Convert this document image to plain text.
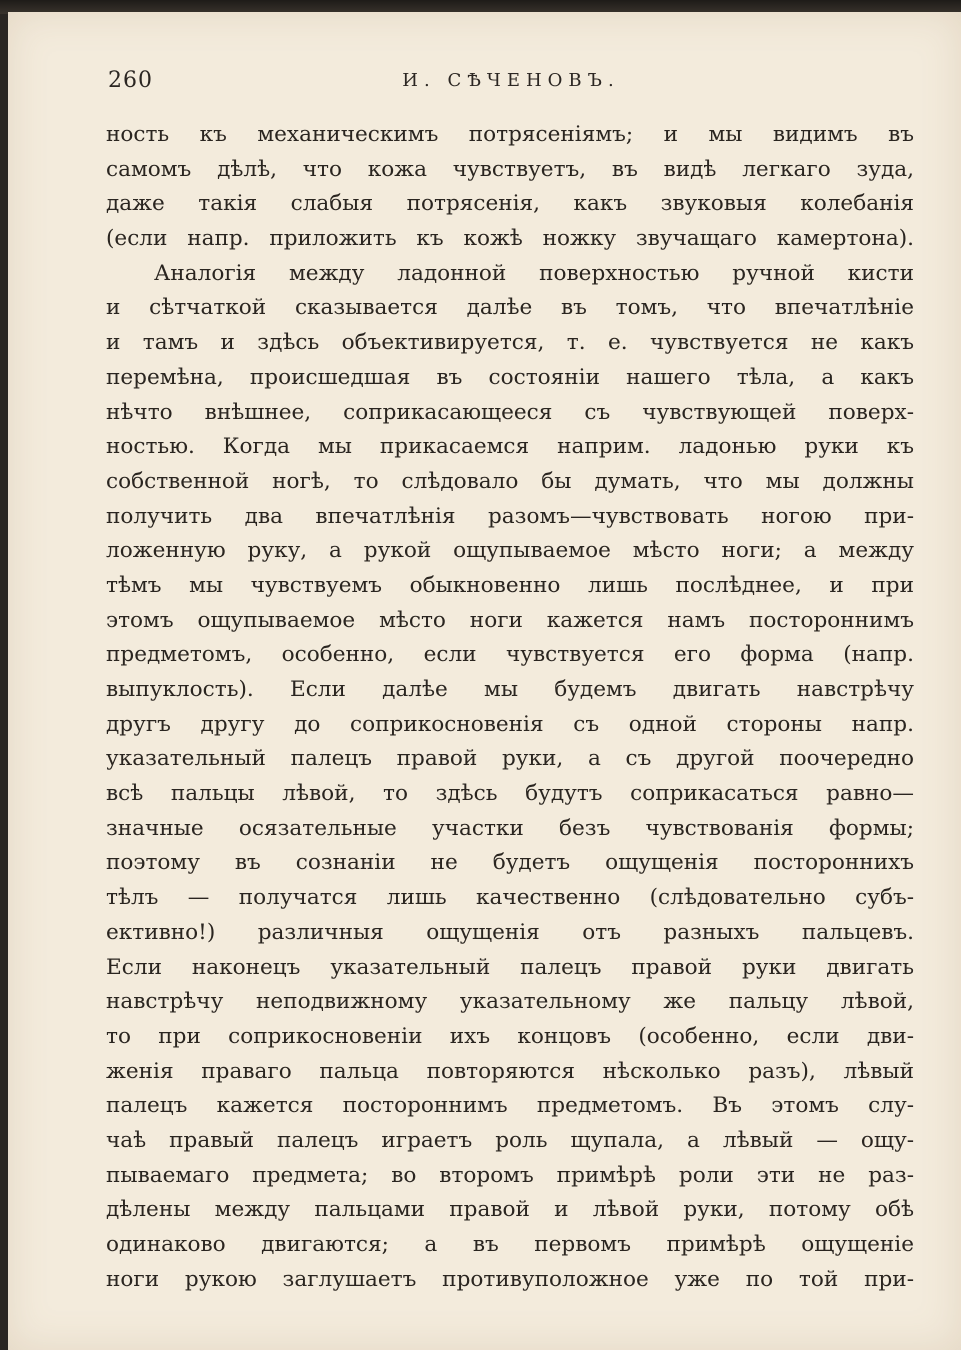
260	И. СѢЧЕНОВЪ.
ность къ механическимъ потрясеніямъ; и мы видимъ въ
самомъ дѣлѣ, что кожа чувствуетъ, въ видѣ легкаго зуда,
даже такія слабыя потрясенія, какъ звуковыя колебанія
(если напр. приложить къ кожѣ ножку звучащаго камертона).
Аналогія между ладонной поверхностью ручной кисти
и сѣтчаткой сказывается далѣе въ томъ, что впечатлѣніе
и тамъ и здѣсь объективируется, т. е. чувствуется не какъ
перемѣна, происшедшая въ состояніи нашего тѣла, а какъ
нѣчто внѣшнее, соприкасающееся съ чувствующей поверх-
ностью. Когда мы прикасаемся наприм. ладонью руки къ
собственной ногѣ, то слѣдовало бы думать, что мы должны
получить два впечатлѣнія разомъ—чувствовать ногою при-
ложенную руку, а рукой ощупываемое мѣсто ноги; а между
тѣмъ мы чувствуемъ обыкновенно лишь послѣднее, и при
этомъ ощупываемое мѣсто ноги кажется намъ постороннимъ
предметомъ, особенно, если чувствуется его форма (напр.
выпуклость). Если далѣе мы будемъ двигать навстрѣчу
другъ другу до соприкосновенія съ одной стороны напр.
указательный палецъ правой руки, а съ другой поочередно
всѣ пальцы лѣвой, то здѣсь будутъ соприкасаться равно—
значные осязательные участки безъ чувствованія формы;
поэтому въ сознаніи не будетъ ощущенія постороннихъ
тѣлъ — получатся лишь качественно (слѣдовательно субъ-
ективно!) различныя ощущенія отъ разныхъ пальцевъ.
Если наконецъ указательный палецъ правой руки двигать
навстрѣчу неподвижному указательному же пальцу лѣвой,
то при соприкосновеніи ихъ концовъ (особенно, если дви-
женія праваго пальца повторяются нѣсколько разъ), лѣвый
палецъ кажется постороннимъ предметомъ. Въ этомъ слу-
чаѣ правый палецъ играетъ роль щупала, а лѣвый — ощу-
пываемаго предмета; во второмъ примѣрѣ роли эти не раз-
дѣлены между пальцами правой и лѣвой руки, потому обѣ
одинаково двигаются; а въ первомъ примѣрѣ ощущеніе
ноги рукою заглушаетъ противуположное уже по той при-
